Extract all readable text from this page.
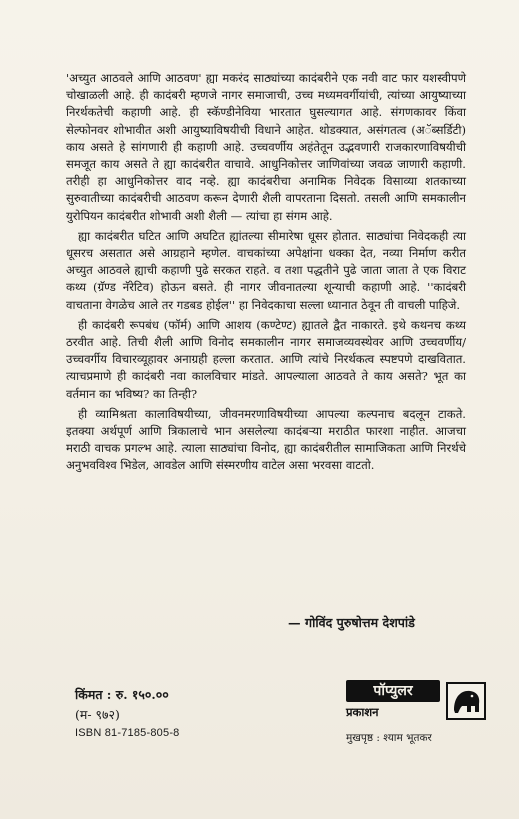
'अच्युत आठवले आणि आठवण' ह्या मकरंद साठ्यांच्या कादंबरीने एक नवी वाट फार यशस्वीपणे चोखाळली आहे. ही कादंबरी म्हणजे नागर समाजाची, उच्च मध्यमवर्गीयांची, त्यांच्या आयुष्याच्या निरर्थकतेची कहाणी आहे. ही स्कॅण्डीनेविया भारतात घुसल्यागत आहे. संगणकावर किंवा सेल्फोनवर शोभावीत अशी आयुष्याविषयीची विधाने आहेत. थोडक्यात, असंगतत्व (अॅब्सर्डिटी) काय असते हे सांगणारी ही कहाणी आहे. उच्चवर्णीय अहंतेतून उद्भवणारी राजकारणाविषयीची समजूत काय असते ते ह्या कादंबरीत वाचावे. आधुनिकोत्तर जाणिवांच्या जवळ जाणारी कहाणी. तरीही हा आधुनिकोत्तर वाद नव्हे. ह्या कादंबरीचा अनामिक निवेदक विसाव्या शतकाच्या सुरुवातीच्या कादंबरीची आठवण करून देणारी शैली वापरताना दिसतो. तसली आणि समकालीन युरोपियन कादंबरीत शोभावी अशी शैली — त्यांचा हा संगम आहे.

ह्या कादंबरीत घटित आणि अघटित ह्यांतल्या सीमारेषा धूसर होतात. साठ्यांचा निवेदकही त्या धूसरच असतात असे आग्रहाने म्हणेल. वाचकांच्या अपेक्षांना धक्का देत, नव्या निर्माण करीत अच्युत आठवले ह्याची कहाणी पुढे सरकत राहते. व तशा पद्धतीने पुढे जाता जाता ते एक विराट कथ्य (ग्रॅण्ड नॅरेटिव) होऊन बसते. ही नागर जीवनातल्या शून्याची कहाणी आहे. ''कादंबरी वाचताना वेगळेच आले तर गडबड होईल'' हा निवेदकाचा सल्ला ध्यानात ठेवून ती वाचली पाहिजे.

ही कादंबरी रूपबंध (फॉर्म) आणि आशय (कण्टेण्ट) ह्यातले द्वैत नाकारते. इथे कथनच कथ्य ठरवीत आहे. तिची शैली आणि विनोद समकालीन नागर समाजव्यवस्थेवर आणि उच्चवर्णीय/उच्चवर्गीय विचारव्यूहावर अनाग्रही हल्ला करतात. आणि त्यांचे निरर्थकत्व स्पष्टपणे दाखवितात. त्याचप्रमाणे ही कादंबरी नवा कालविचार मांडते. आपल्याला आठवते ते काय असते? भूत का वर्तमान का भविष्य? का तिन्ही?

ही व्यामिश्रता कालाविषयीच्या, जीवनमरणाविषयीच्या आपल्या कल्पनाच बदलून टाकते. इतक्या अर्थपूर्ण आणि त्रिकालाचे भान असलेल्या कादंबऱ्या मराठीत फारशा नाहीत. आजचा मराठी वाचक प्रगल्भ आहे. त्याला साठ्यांचा विनोद, ह्या कादंबरीतील सामाजिकता आणि निरर्थचे अनुभवविश्व भिडेल, आवडेल आणि संस्मरणीय वाटेल असा भरवसा वाटतो.

— गोविंद पुरुषोत्तम देशपांडे
किंमत : रु. १५०.००
(म- ९७२)
ISBN 81-7185-805-8
पॉप्युलर
प्रकाशन
मुखपृष्ठ : श्याम भूतकर
